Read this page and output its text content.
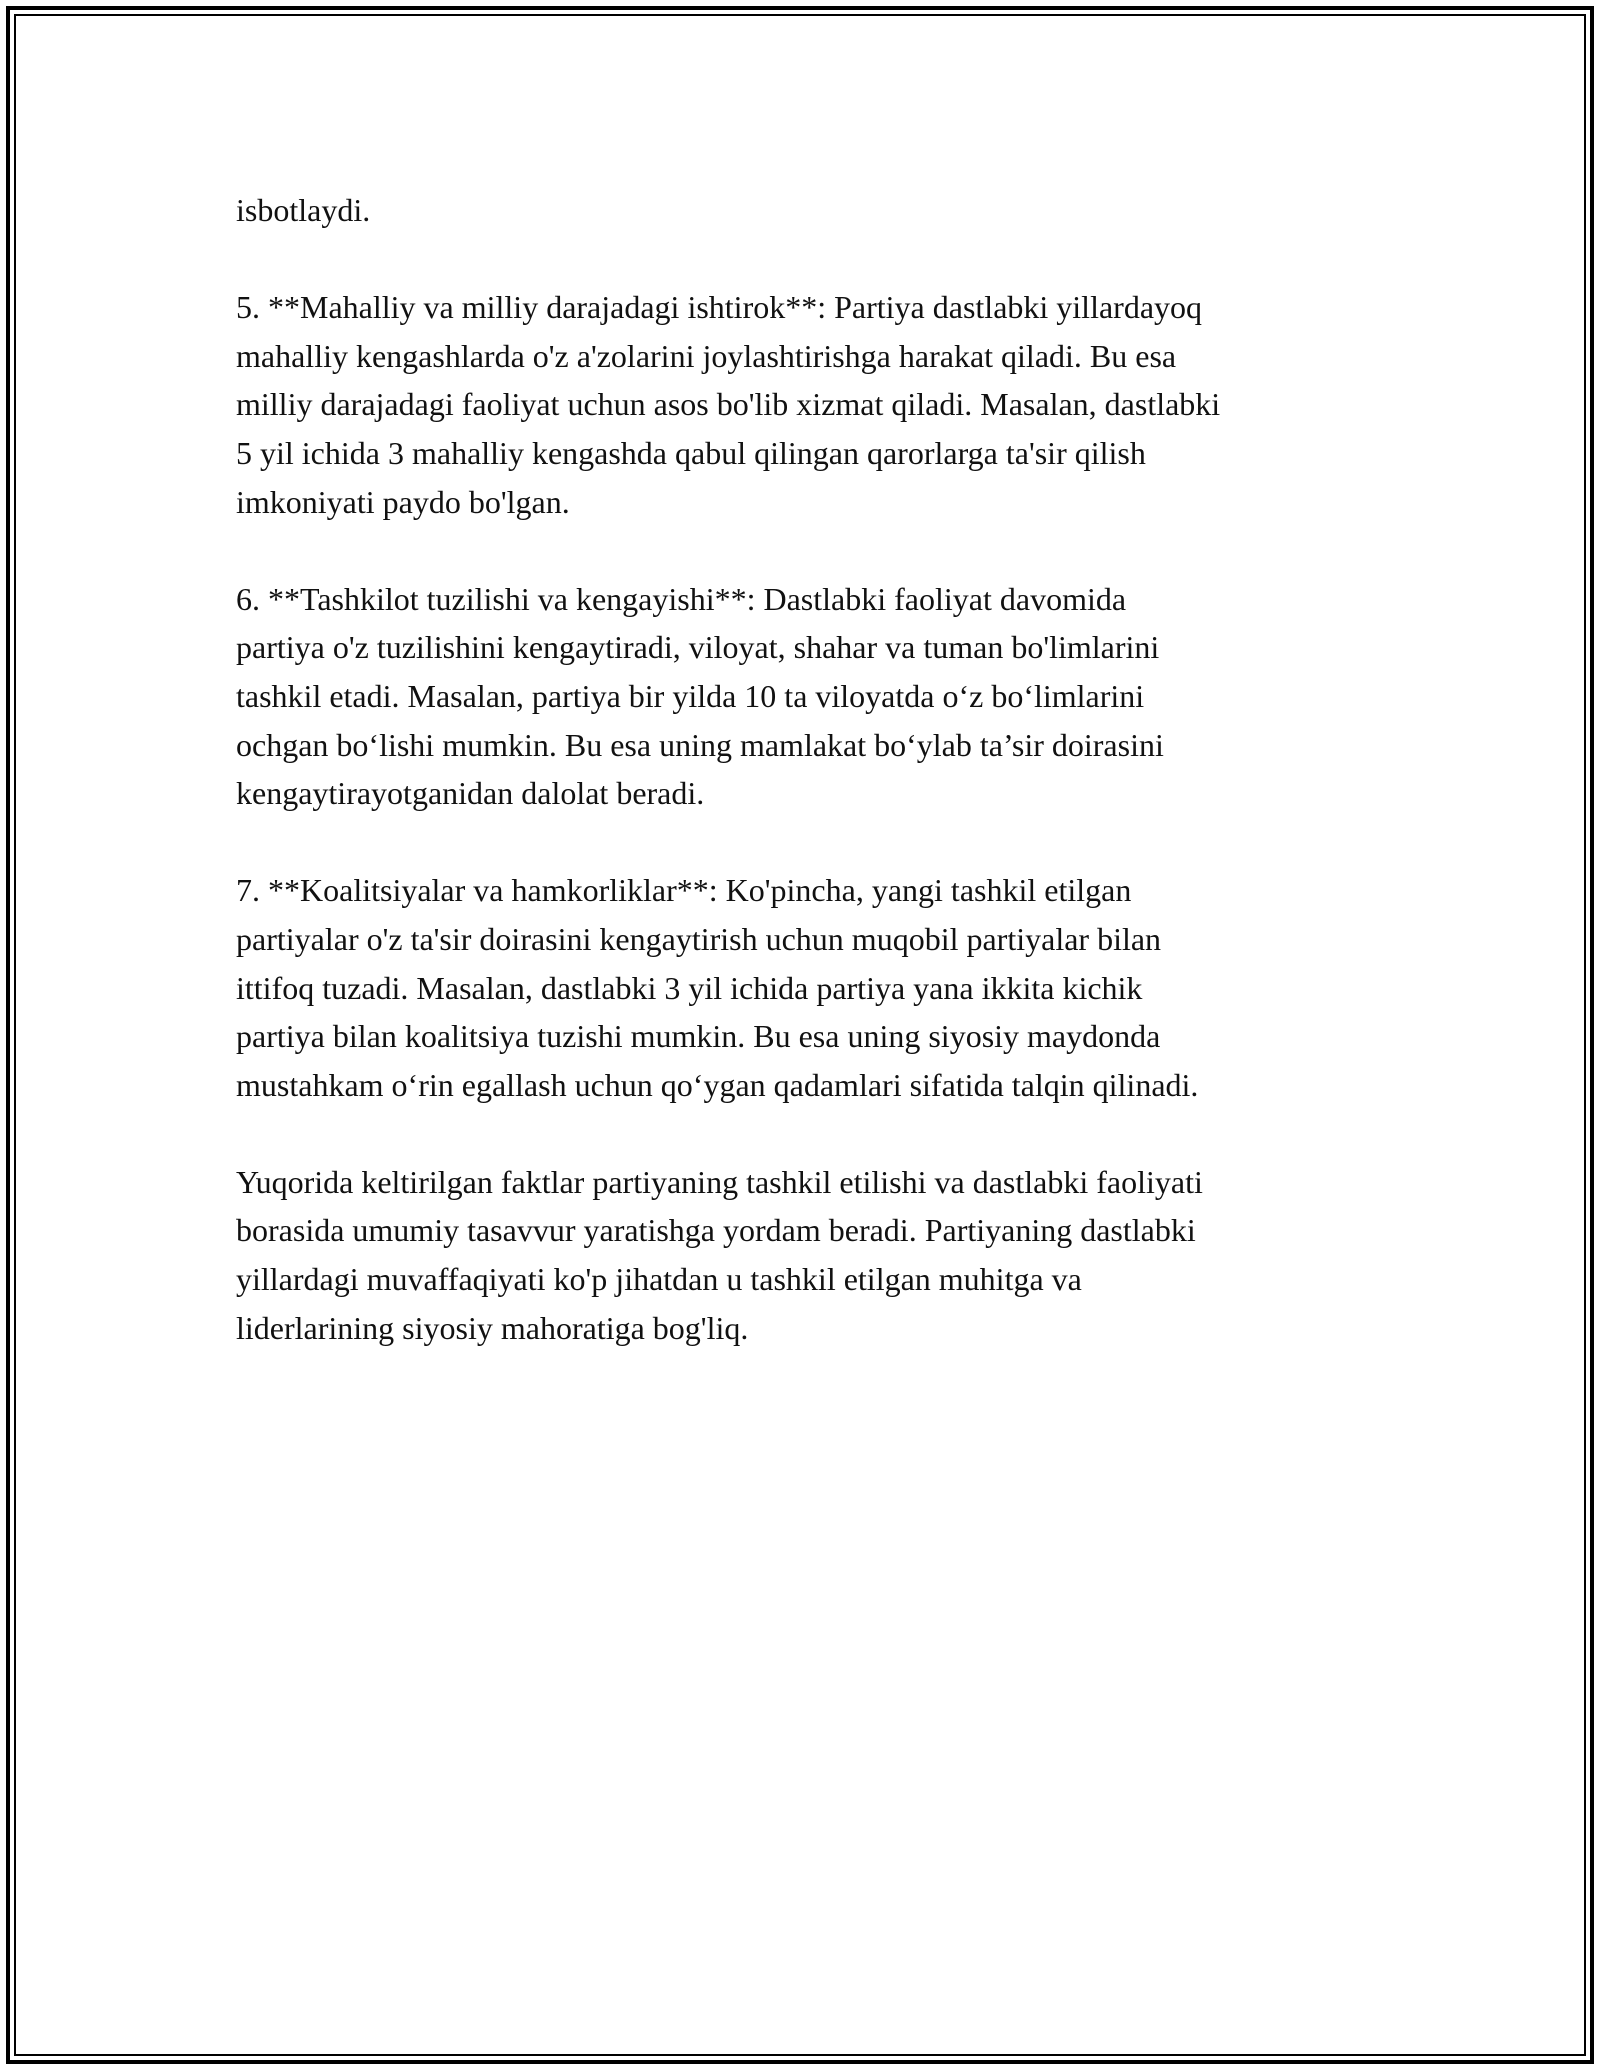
isbotlaydi.

5. **Mahalliy va milliy darajadagi ishtirok**: Partiya dastlabki yillardayoq
mahalliy kengashlarda o'z a'zolarini joylashtirishga harakat qiladi. Bu esa
milliy darajadagi faoliyat uchun asos bo'lib xizmat qiladi. Masalan, dastlabki
5 yil ichida 3 mahalliy kengashda qabul qilingan qarorlarga ta'sir qilish
imkoniyati paydo bo'lgan.

6. **Tashkilot tuzilishi va kengayishi**: Dastlabki faoliyat davomida
partiya o'z tuzilishini kengaytiradi, viloyat, shahar va tuman bo'limlarini
tashkil etadi. Masalan, partiya bir yilda 10 ta viloyatda o‘z bo‘limlarini
ochgan bo‘lishi mumkin. Bu esa uning mamlakat bo‘ylab ta’sir doirasini
kengaytirayotganidan dalolat beradi.

7. **Koalitsiyalar va hamkorliklar**: Ko'pincha, yangi tashkil etilgan
partiyalar o'z ta'sir doirasini kengaytirish uchun muqobil partiyalar bilan
ittifoq tuzadi. Masalan, dastlabki 3 yil ichida partiya yana ikkita kichik
partiya bilan koalitsiya tuzishi mumkin. Bu esa uning siyosiy maydonda
mustahkam o‘rin egallash uchun qo‘ygan qadamlari sifatida talqin qilinadi.

Yuqorida keltirilgan faktlar partiyaning tashkil etilishi va dastlabki faoliyati
borasida umumiy tasavvur yaratishga yordam beradi. Partiyaning dastlabki
yillardagi muvaffaqiyati ko'p jihatdan u tashkil etilgan muhitga va
liderlarining siyosiy mahoratiga bog'liq.
